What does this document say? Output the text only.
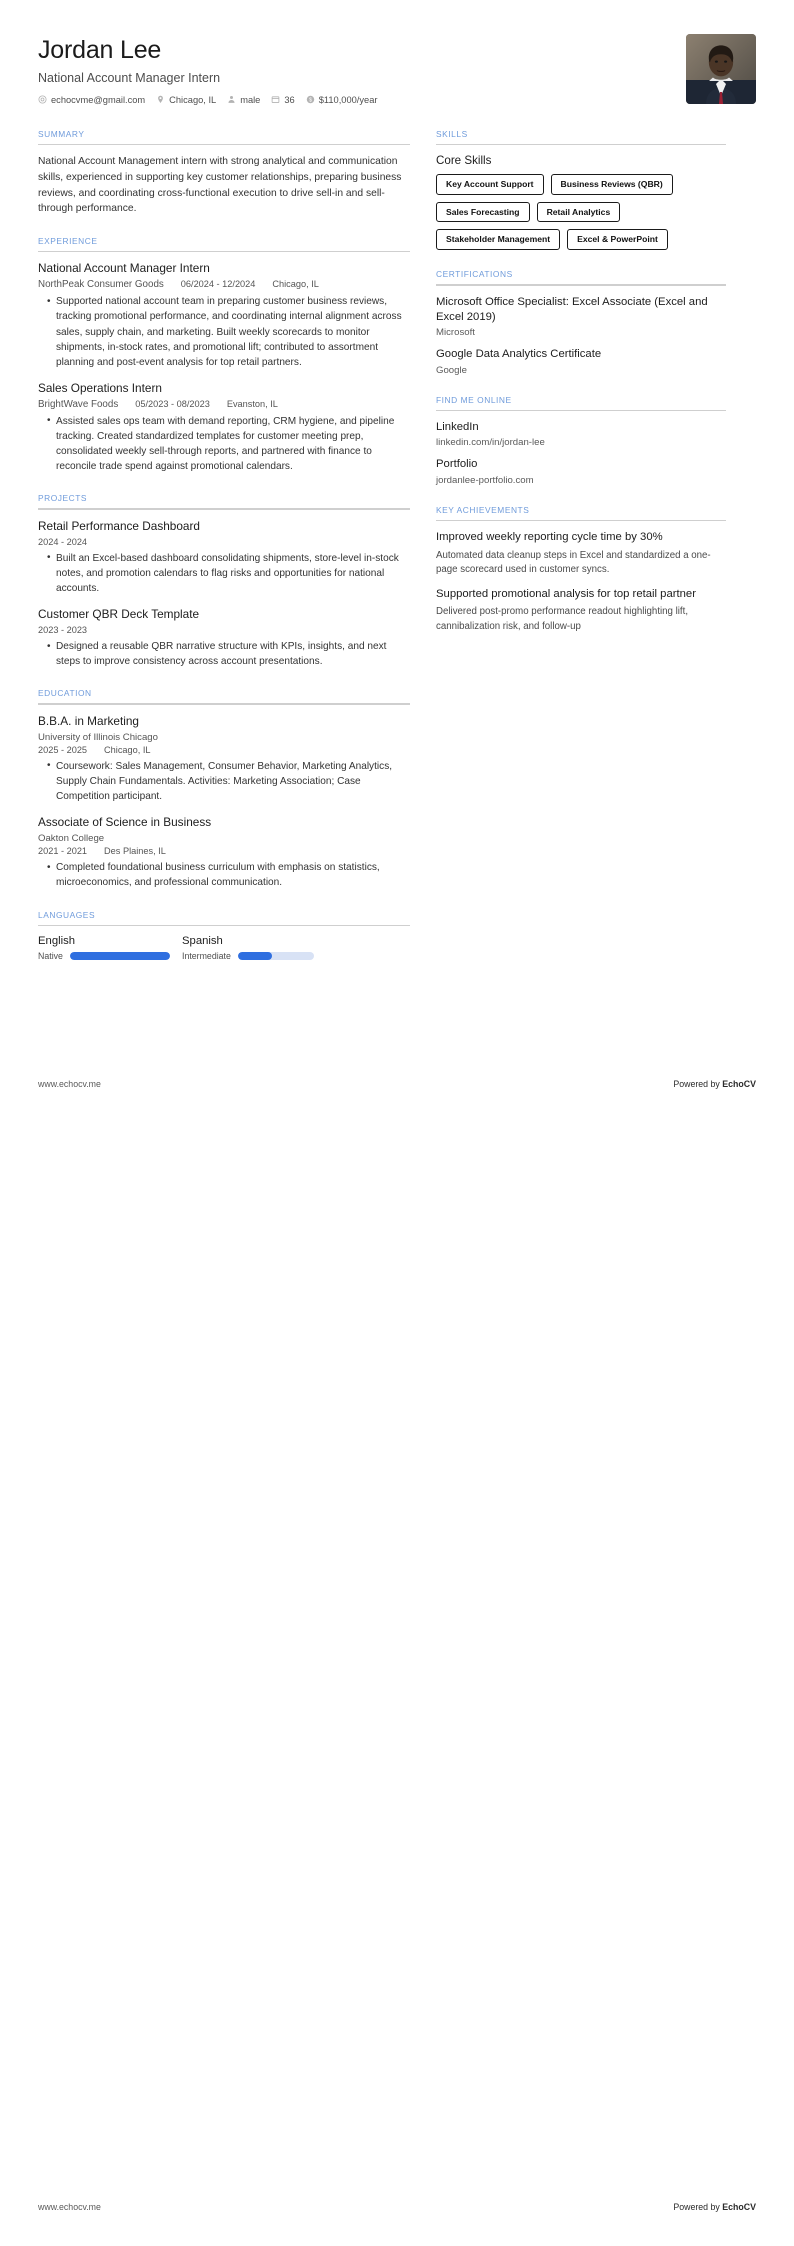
Jordan Lee
National Account Manager Intern
echocvme@gmail.com	Chicago, IL	male	36 $ $110,000/year
SUMMARY
National Account Management intern with strong analytical and communication skills, experienced in supporting key customer relationships, preparing business reviews, and coordinating cross-functional execution to drive sell-in and sell-through performance.
EXPERIENCE
National Account Manager Intern
NorthPeak Consumer Goods 06/2024 - 12/2024 Chicago, IL
• Supported national account team in preparing customer business reviews, tracking promotional performance, and coordinating internal alignment across sales, supply chain, and marketing. Built weekly scorecards to monitor shipments, in-stock rates, and promotional lift; contributed to assortment planning and post-event analysis for top retail partners.
Sales Operations Intern
BrightWave Foods 05/2023 - 08/2023 Evanston, IL
• Assisted sales ops team with demand reporting, CRM hygiene, and pipeline tracking. Created standardized templates for customer meeting prep, consolidated weekly sell-through reports, and partnered with finance to reconcile trade spend against promotional calendars.
PROJECTS
Retail Performance Dashboard
2024 - 2024
• Built an Excel-based dashboard consolidating shipments, store-level in-stock notes, and promotion calendars to flag risks and opportunities for national accounts.
Customer QBR Deck Template
2023 - 2023
• Designed a reusable QBR narrative structure with KPIs, insights, and next steps to improve consistency across account presentations.
EDUCATION
B.B.A. in Marketing
University of Illinois Chicago
2025 - 2025 Chicago, IL
• Coursework: Sales Management, Consumer Behavior, Marketing Analytics, Supply Chain Fundamentals. Activities: Marketing Association; Case Competition participant.
Associate of Science in Business
Oakton College
2021 - 2021 Des Plaines, IL
• Completed foundational business curriculum with emphasis on statistics, microeconomics, and professional communication.
LANGUAGES
English
Native
Spanish
Intermediate
SKILLS
Core Skills
Key Account Support	Business Reviews (QBR)
Sales Forecasting	Retail Analytics
Stakeholder Management	Excel & PowerPoint
CERTIFICATIONS
Microsoft Office Specialist: Excel Associate (Excel and Excel 2019)
Microsoft
Google Data Analytics Certificate
Google
FIND ME ONLINE
LinkedIn
linkedin.com/in/jordan-lee
Portfolio
jordanlee-portfolio.com
KEY ACHIEVEMENTS
Improved weekly reporting cycle time by 30%
Automated data cleanup steps in Excel and standardized a one-page scorecard used in customer syncs.
Supported promotional analysis for top retail partner
Delivered post-promo performance readout highlighting lift, cannibalization risk, and follow-up
www.echocv.me	Powered by EchoCV
www.echocv.me	Powered by EchoCV
